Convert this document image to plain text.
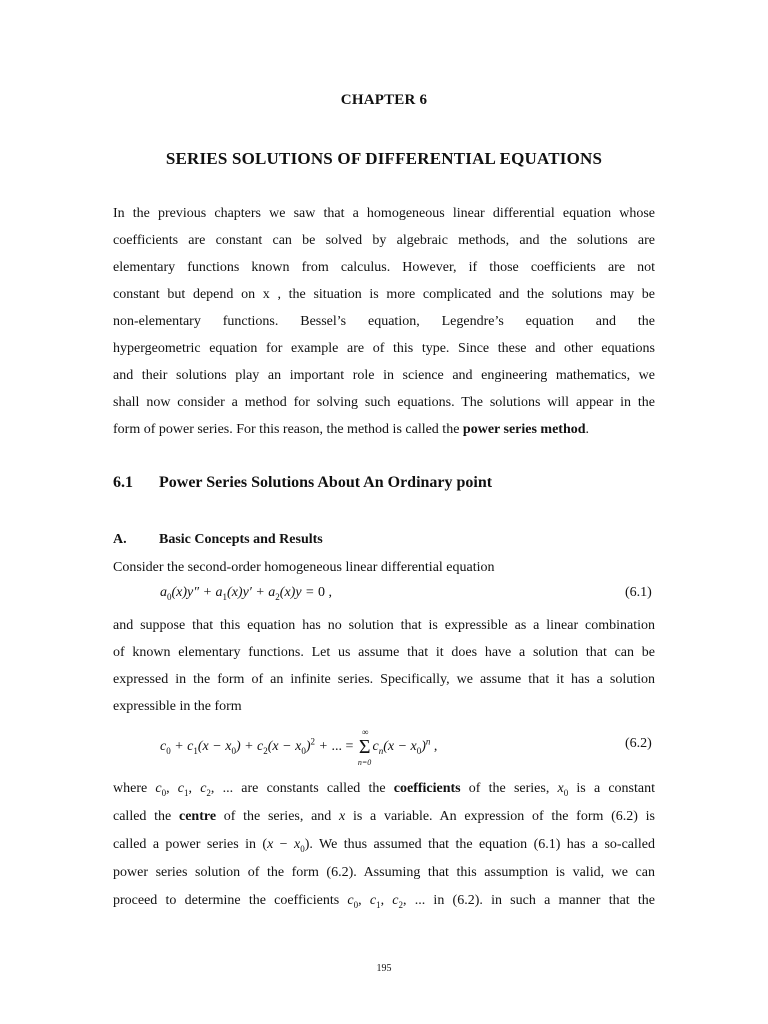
CHAPTER 6
SERIES SOLUTIONS OF DIFFERENTIAL EQUATIONS
In the previous chapters we saw that a homogeneous linear differential equation whose
coefficients are constant can be solved by algebraic methods, and the solutions are
elementary functions known from calculus. However, if those coefficients are not
constant but depend on x , the situation is more complicated and the solutions may be
non-elementary functions. Bessel’s equation, Legendre’s equation and the
hypergeometric equation for example are of this type. Since these and other equations
and their solutions play an important role in science and engineering mathematics, we
shall now consider a method for solving such equations. The solutions will appear in the
form of power series. For this reason, the method is called the power series method.
6.1 Power Series Solutions About An Ordinary point
A. Basic Concepts and Results
Consider the second-order homogeneous linear differential equation
$a_0(x)y'' + a_1(x)y' + a_2(x)y = 0$ ,	(6.1)
and suppose that this equation has no solution that is expressible as a linear combination
of known elementary functions. Let us assume that it does have a solution that can be
expressed in the form of an infinite series. Specifically, we assume that it has a solution
expressible in the form
$c_0 + c_1(x - x_0) + c_2(x - x_0)^2$ + ... =
∞
Σ
n=0
$c_n(x - x_0)^n$ ,	(6.2)
where $c_0$, $c_1$, $c_2$, ... are constants called the coefficients of the series, $x_0$ is a constant
called the centre of the series, and x is a variable. An expression of the form (6.2) is
called a power series in $(x - x_0)$. We thus assumed that the equation (6.1) has a so-called
power series solution of the form (6.2). Assuming that this assumption is valid, we can
proceed to determine the coefficients $c_0$, $c_1$, $c_2$, ... in (6.2). in such a manner that the
195
